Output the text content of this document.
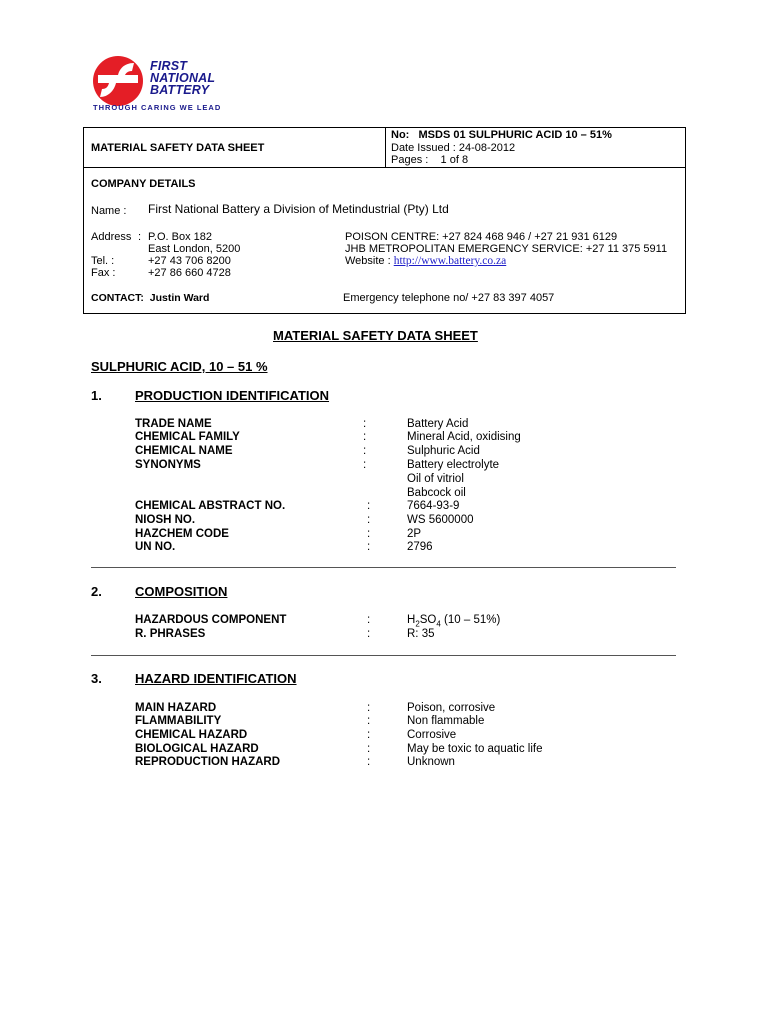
FIRST
NATIONAL
BATTERY
THROUGH CARING WE LEAD
MATERIAL SAFETY DATA SHEET
No: MSDS 01 SULPHURIC ACID 10 – 51%
Date Issued : 24-08-2012
Pages : 1 of 8
COMPANY DETAILS
Name : First National Battery a Division of Metindustrial (Pty) Ltd
Address : P.O. Box 182
East London, 5200
Tel. :	+27 43 706 8200
Fax :	+27 86 660 4728
POISON CENTRE: +27 824 468 946 / +27 21 931 6129
JHB METROPOLITAN EMERGENCY SERVICE: +27 11 375 5911
Website : http://www.battery.co.za
CONTACT: Justin Ward	Emergency telephone no/ +27 83 397 4057
MATERIAL SAFETY DATA SHEET
SULPHURIC ACID, 10 – 51 %
1.	PRODUCTION IDENTIFICATION
TRADE NAME	:	Battery Acid
CHEMICAL FAMILY	:	Mineral Acid, oxidising
CHEMICAL NAME	:	Sulphuric Acid
SYNONYMS	:	Battery electrolyte
Oil of vitriol
Babcock oil
CHEMICAL ABSTRACT NO.	:	7664-93-9
NIOSH NO.	:	WS 5600000
HAZCHEM CODE	:	2P
UN NO.	:	2796
2.	COMPOSITION
HAZARDOUS COMPONENT	:	$H_2SO_4$ (10 – 51%)
R. PHRASES	:	R: 35
3.	HAZARD IDENTIFICATION
MAIN HAZARD	:	Poison, corrosive
FLAMMABILITY	:	Non flammable
CHEMICAL HAZARD	:	Corrosive
BIOLOGICAL HAZARD	:	May be toxic to aquatic life
REPRODUCTION HAZARD	:	Unknown
